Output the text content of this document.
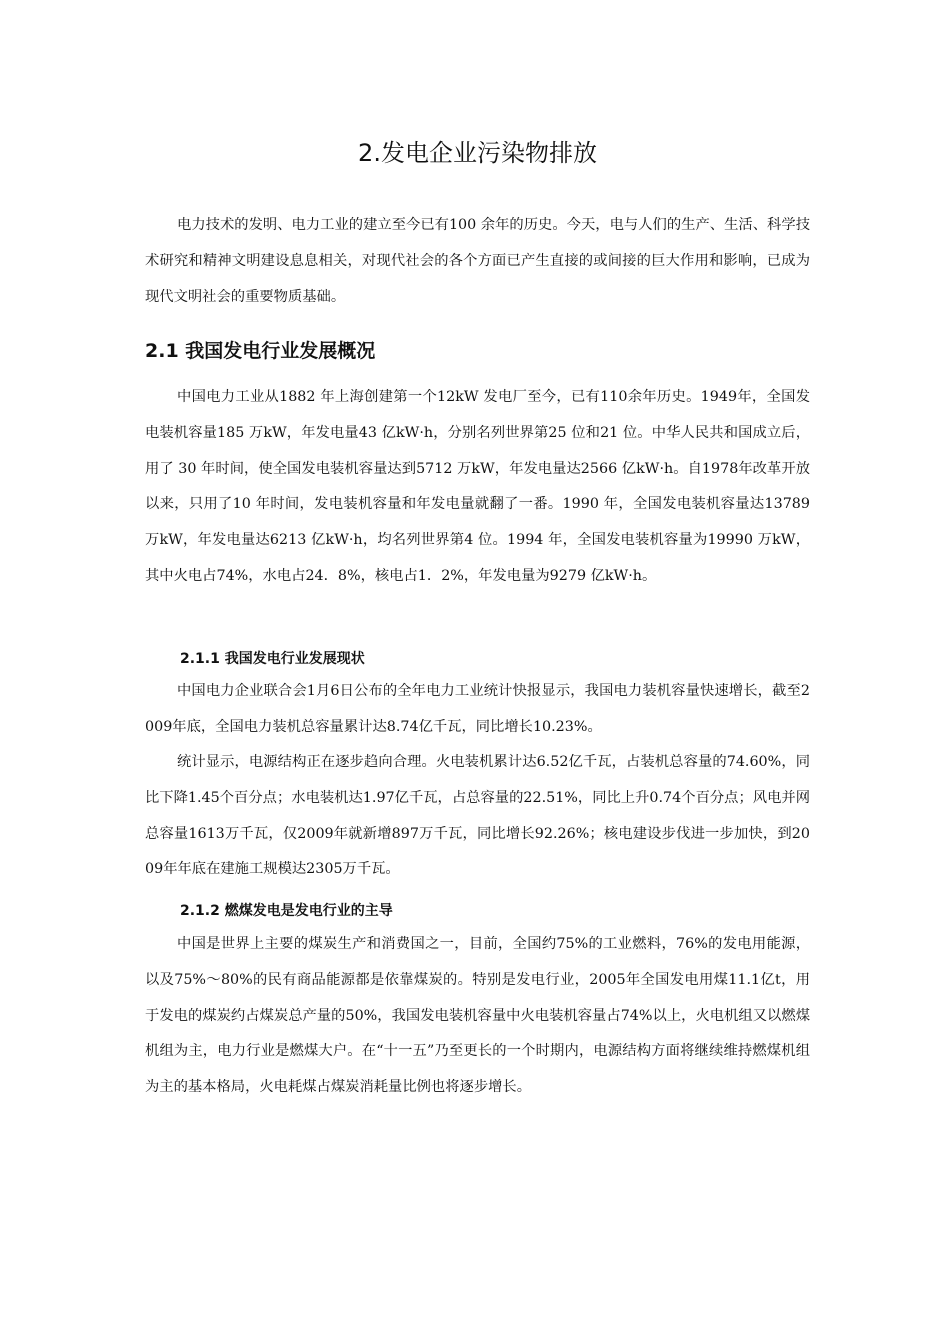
2.发电企业污染物排放

电力技术的发明、电力工业的建立至今已有100 余年的历史。今天，电与人们的生产、生活、科学技术研究和精神文明建设息息相关，对现代社会的各个方面已产生直接的或间接的巨大作用和影响，已成为现代文明社会的重要物质基础。

2.1 我国发电行业发展概况

中国电力工业从1882 年上海创建第一个12kW 发电厂至今，已有110余年历史。1949年，全国发电装机容量185 万kW，年发电量43 亿kW·h，分别名列世界第25 位和21 位。中华人民共和国成立后，用了 30 年时间，使全国发电装机容量达到5712 万kW，年发电量达2566 亿kW·h。自1978年改革开放以来，只用了10 年时间，发电装机容量和年发电量就翻了一番。1990 年，全国发电装机容量达13789 万kW，年发电量达6213 亿kW·h，均名列世界第4 位。1994 年，全国发电装机容量为19990 万kW，其中火电占74%，水电占24．8%，核电占1．2%，年发电量为9279 亿kW·h。

2.1.1 我国发电行业发展现状

中国电力企业联合会1月6日公布的全年电力工业统计快报显示，我国电力装机容量快速增长，截至2009年底，全国电力装机总容量累计达8.74亿千瓦，同比增长10.23%。

统计显示，电源结构正在逐步趋向合理。火电装机累计达6.52亿千瓦，占装机总容量的74.60%，同比下降1.45个百分点；水电装机达1.97亿千瓦，占总容量的22.51%，同比上升0.74个百分点；风电并网总容量1613万千瓦，仅2009年就新增897万千瓦，同比增长92.26%；核电建设步伐进一步加快，到2009年年底在建施工规模达2305万千瓦。

2.1.2 燃煤发电是发电行业的主导

中国是世界上主要的煤炭生产和消费国之一，目前，全国约75%的工业燃料，76%的发电用能源，以及75%～80%的民有商品能源都是依靠煤炭的。特别是发电行业，2005年全国发电用煤11.1亿t，用于发电的煤炭约占煤炭总产量的50%，我国发电装机容量中火电装机容量占74%以上，火电机组又以燃煤机组为主，电力行业是燃煤大户。在“十一五”乃至更长的一个时期内，电源结构方面将继续维持燃煤机组为主的基本格局，火电耗煤占煤炭消耗量比例也将逐步增长。
